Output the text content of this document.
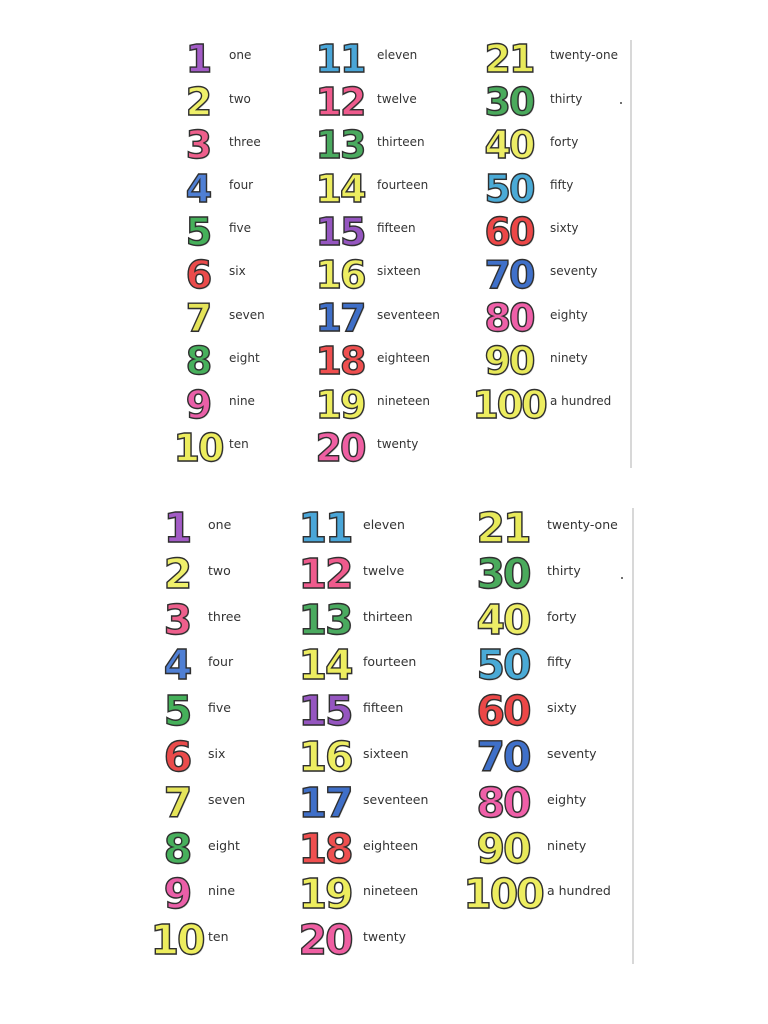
1	one
2	two
3	three
4	four
5	five
6	six
7	seven
8	eight
9	nine
10 ten
11	eleven
12	twelve
13	thirteen
14	fourteen
15	fifteen
16	sixteen
17	seventeen
18	eighteen
19	nineteen
20	twenty
21	twenty-one
30	thirty
40	forty
50	fifty
60	sixty
70	seventy
80	eighty
90	ninety
100 a hundred
1	one
2	two
3	three
4	four
5	five
6	six
7	seven
8	eight
9	nine
10 ten
11 eleven
12 twelve
13 thirteen
14 fourteen
15 fifteen
16 sixteen
17 seventeen
18 eighteen
19 nineteen
20 twenty
21	twenty-one
30	thirty
40	forty
50	fifty
60	sixty
70	seventy
80	eighty
90	ninety
100 a hundred
